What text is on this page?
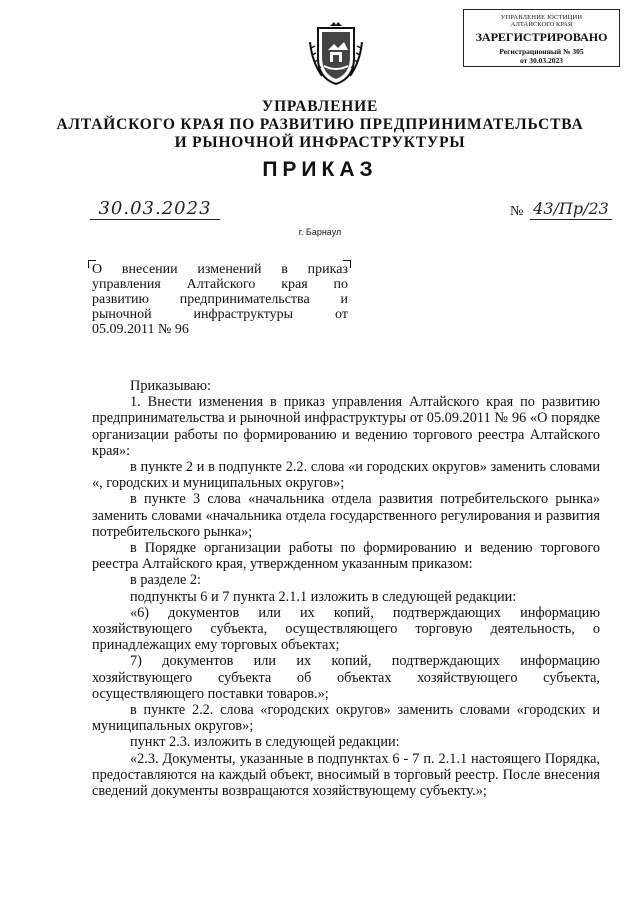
УПРАВЛЕНИЕ ЮСТИЦИИ
АЛТАЙСКОГО КРАЯ
ЗАРЕГИСТРИРОВАНО
Регистрационный № 305
от 30.03.2023
УПРАВЛЕНИЕ
АЛТАЙСКОГО КРАЯ ПО РАЗВИТИЮ ПРЕДПРИНИМАТЕЛЬСТВА
И РЫНОЧНОЙ ИНФРАСТРУКТУРЫ
ПРИКАЗ
30.03.2023	№ 43/Пр/23
г. Барнаул
О внесении изменений в приказ
управления Алтайского края по
развитию предпринимательства и
рыночной инфраструктуры от
05.09.2011 № 96

Приказываю:

1. Внести изменения в приказ управления Алтайского края по развитию предпринимательства и рыночной инфраструктуры от 05.09.2011 № 96 «О порядке организации работы по формированию и ведению торгового реестра Алтайского края»:

в пункте 2 и в подпункте 2.2. слова «и городских округов» заменить словами «, городских и муниципальных округов»;

в пункте 3 слова «начальника отдела развития потребительского рынка» заменить словами «начальника отдела государственного регулирования и развития потребительского рынка»;

в Порядке организации работы по формированию и ведению торгового реестра Алтайского края, утвержденном указанным приказом:

в разделе 2:

подпункты 6 и 7 пункта 2.1.1 изложить в следующей редакции:

«6) документов или их копий, подтверждающих информацию хозяйствующего субъекта, осуществляющего торговую деятельность, о принадлежащих ему торговых объектах;

7) документов или их копий, подтверждающих информацию хозяйствующего субъекта об объектах хозяйствующего субъекта, осуществляющего поставки товаров.»;

в пункте 2.2. слова «городских округов» заменить словами «городских и муниципальных округов»;

пункт 2.3. изложить в следующей редакции:

«2.3. Документы, указанные в подпунктах 6 - 7 п. 2.1.1 настоящего Порядка, предоставляются на каждый объект, вносимый в торговый реестр. После внесения сведений документы возвращаются хозяйствующему субъекту.»;
